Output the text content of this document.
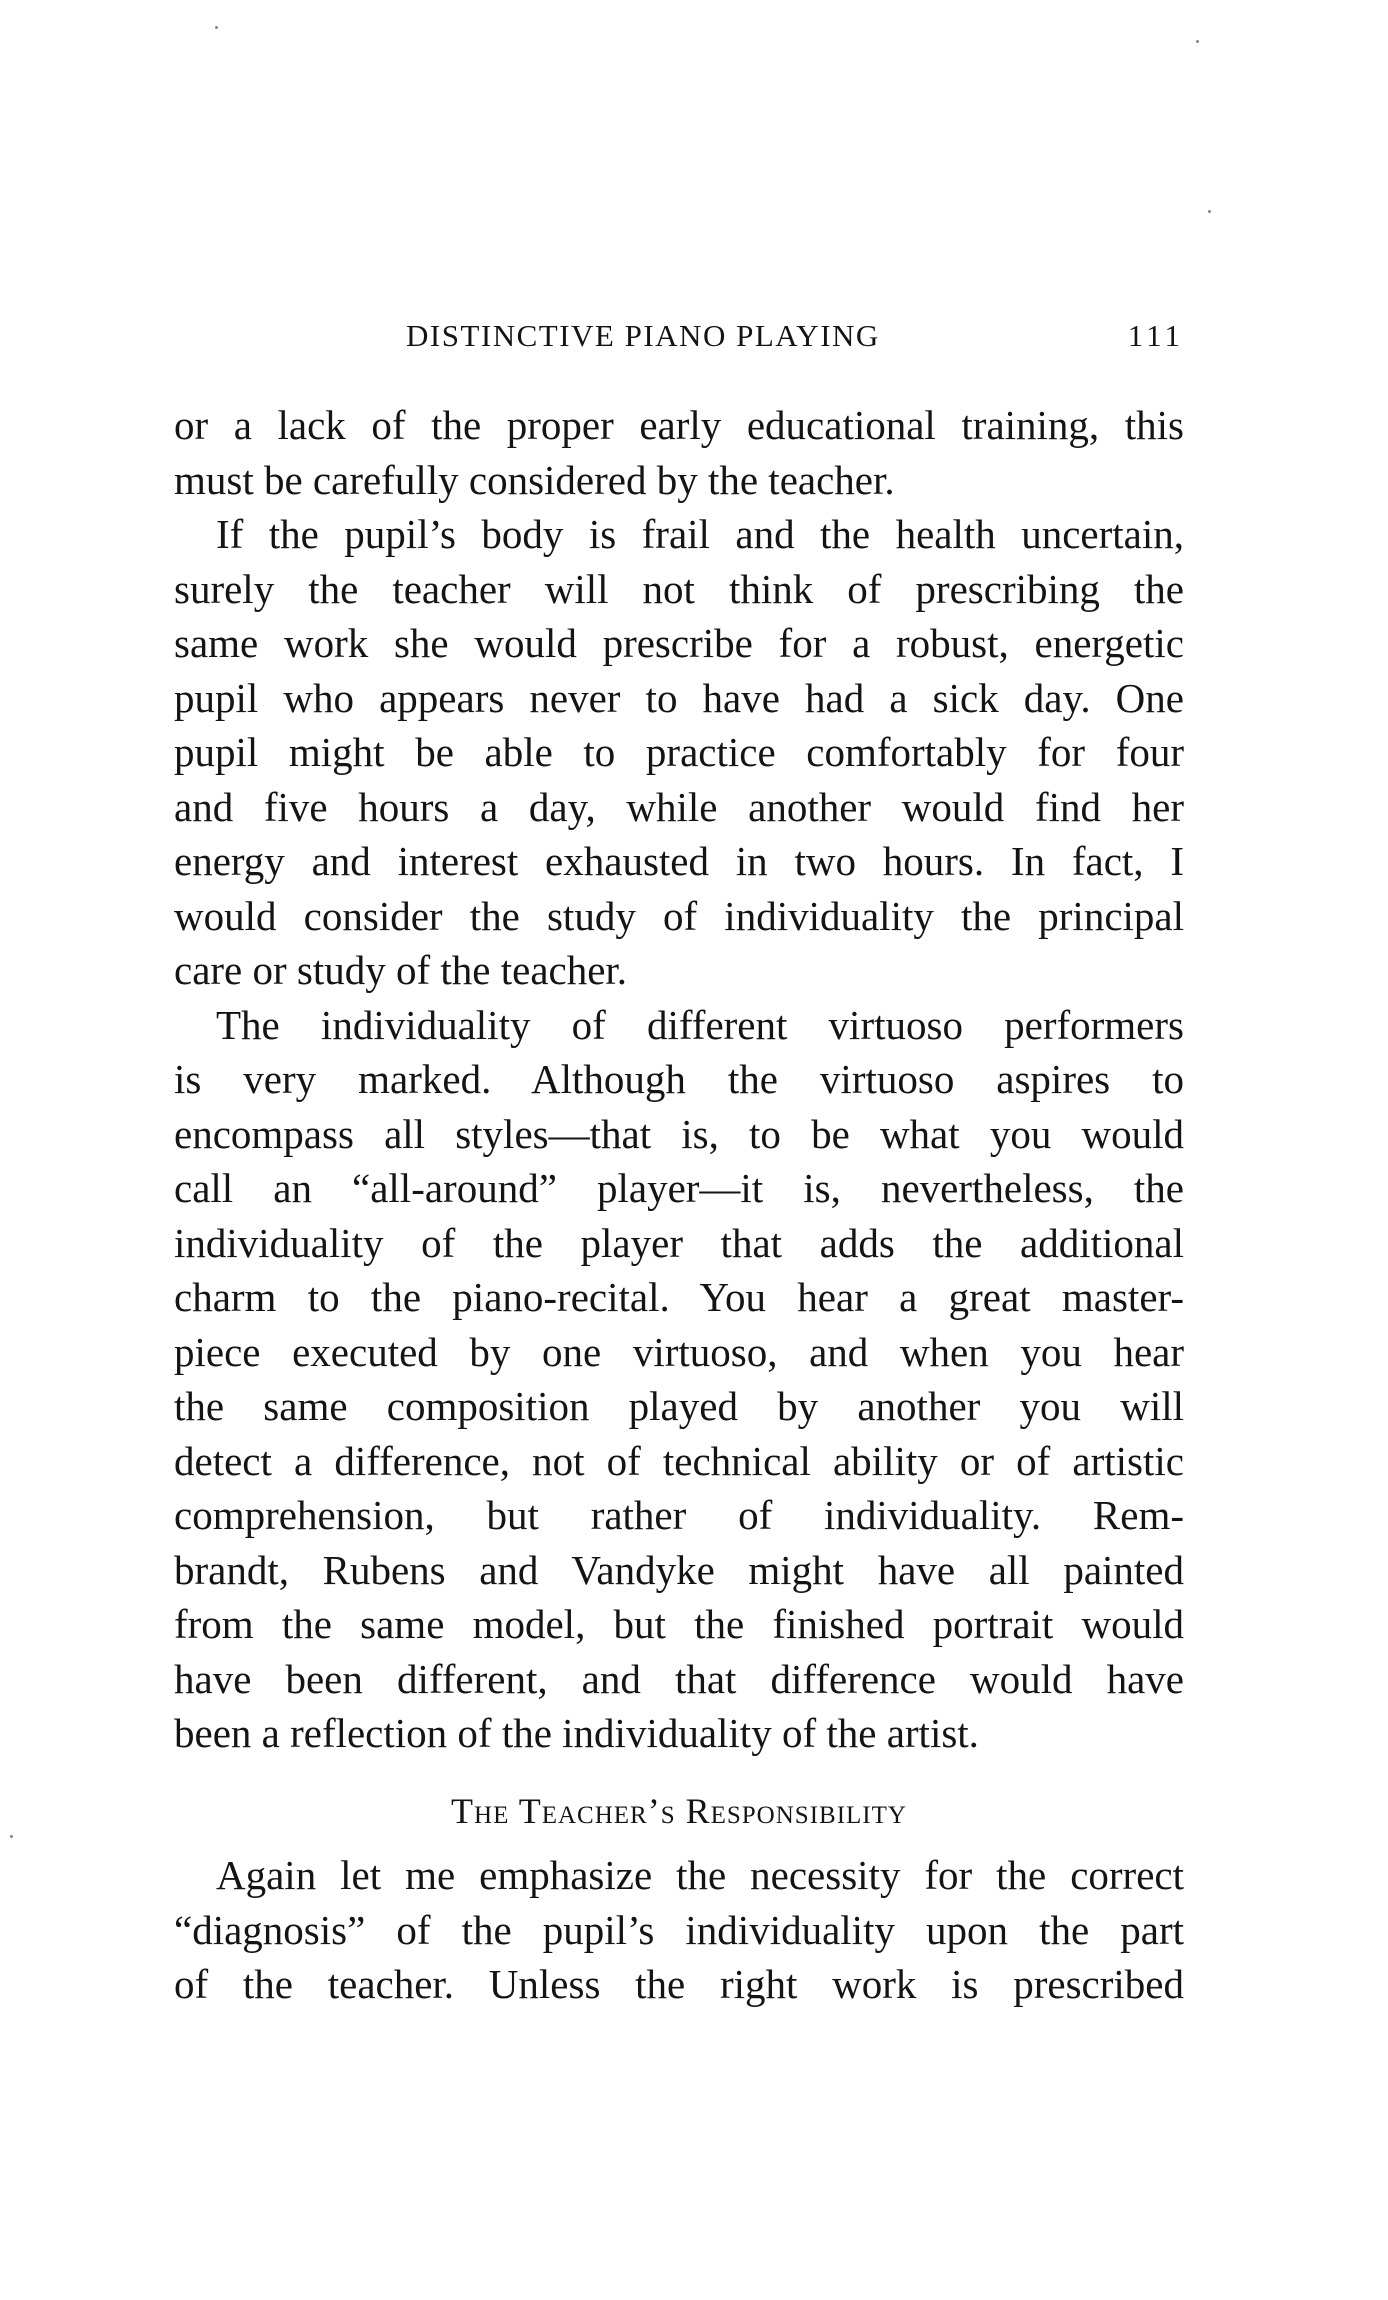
DISTINCTIVE PIANO PLAYING	111
or a lack of the proper early educational training, this
must be carefully considered by the teacher.
If the pupil’s body is frail and the health uncertain,
surely the teacher will not think of prescribing the
same work she would prescribe for a robust, energetic
pupil who appears never to have had a sick day. One
pupil might be able to practice comfortably for four
and five hours a day, while another would find her
energy and interest exhausted in two hours. In fact, I
would consider the study of individuality the principal
care or study of the teacher.
The individuality of different virtuoso performers
is very marked. Although the virtuoso aspires to
encompass all styles—that is, to be what you would
call an “all-around” player—it is, nevertheless, the
individuality of the player that adds the additional
charm to the piano-recital. You hear a great master-
piece executed by one virtuoso, and when you hear
the same composition played by another you will
detect a difference, not of technical ability or of artistic
comprehension, but rather of individuality. Rem-
brandt, Rubens and Vandyke might have all painted
from the same model, but the finished portrait would
have been different, and that difference would have
been a reflection of the individuality of the artist.
The Teacher’s Responsibility
Again let me emphasize the necessity for the correct
“diagnosis” of the pupil’s individuality upon the part
of the teacher. Unless the right work is prescribed
